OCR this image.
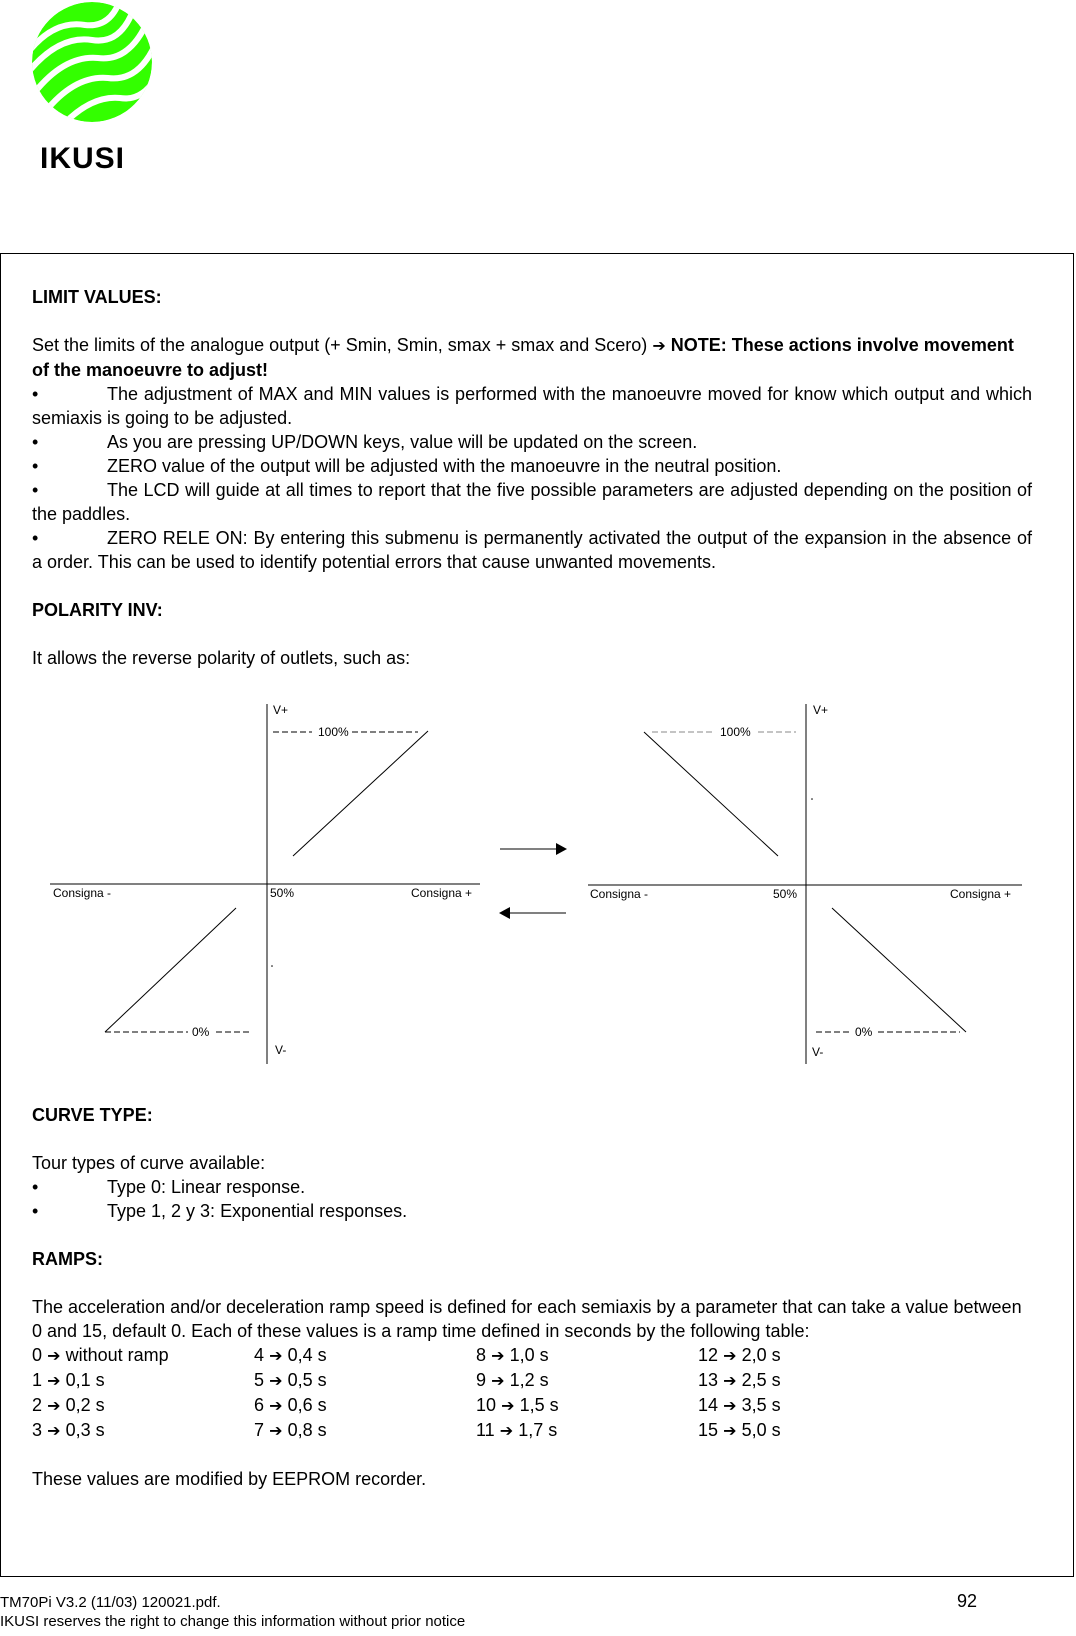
IKUSI
LIMIT VALUES:

Set the limits of the analogue output (+ Smin, Smin, smax + smax and Scero) ➔ NOTE: These actions involve movement of the manoeuvre to adjust!

•	The adjustment of MAX and MIN values is performed with the manoeuvre moved for know which output and which semiaxis is going to be adjusted.
•	As you are pressing UP/DOWN keys, value will be updated on the screen.
•	ZERO value of the output will be adjusted with the manoeuvre in the neutral position.
•	The LCD will guide at all times to report that the five possible parameters are adjusted depending on the position of the paddles.
•	ZERO RELE ON: By entering this submenu is permanently activated the output of the expansion in the absence of a order. This can be used to identify potential errors that cause unwanted movements.
POLARITY INV:

It allows the reverse polarity of outlets, such as:

V+
100%
Consigna -	50%	Consigna +
0%
V-
V+
100%
Consigna -	50%	Consigna +
0%
V-
CURVE TYPE:

Tour types of curve available:

•	Type 0: Linear response.
•	Type 1, 2 y 3: Exponential responses.
RAMPS:

The acceleration and/or deceleration ramp speed is defined for each semiaxis by a parameter that can take a value between 0 and 15, default 0. Each of these values is a ramp time defined in seconds by the following table:

0 ➔ without ramp	4 ➔ 0,4 s	8 ➔ 1,0 s	12 ➔ 2,0 s
1 ➔ 0,1 s	5 ➔ 0,5 s	9 ➔ 1,2 s	13 ➔ 2,5 s
2 ➔ 0,2 s	6 ➔ 0,6 s	10 ➔ 1,5 s	14 ➔ 3,5 s
3 ➔ 0,3 s	7 ➔ 0,8 s	11 ➔ 1,7 s	15 ➔ 5,0 s

These values are modified by EEPROM recorder.

TM70Pi V3.2 (11/03) 120021.pdf.	92
IKUSI reserves the right to change this information without prior notice
